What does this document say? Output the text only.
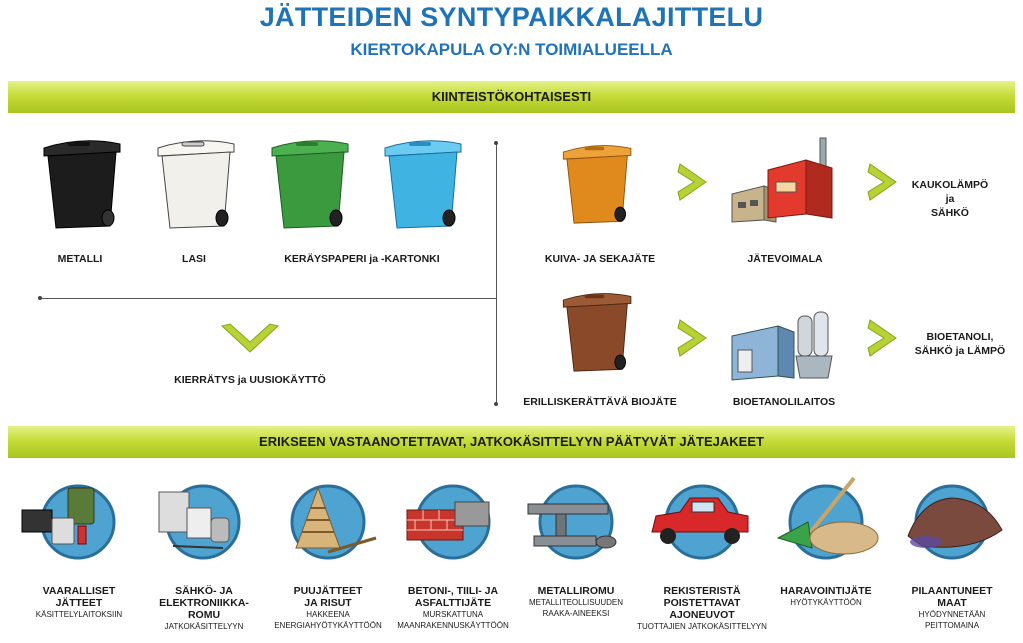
JÄTTEIDEN SYNTYPAIKKALAJITTELU
KIERTOKAPULA OY:N TOIMIALUEELLA
KIINTEISTÖKOHTAISESTI
METALLI	LASI	KERÄYSPAPERI ja -KARTONKI
KIERRÄTYS ja UUSIOKÄYTTÖ
KUIVA- JA SEKAJÄTE	JÄTEVOIMALA
KAUKOLÄMPÖ
ja
SÄHKÖ
ERILLISKERÄTTÄVÄ BIOJÄTE	BIOETANOLILAITOS
BIOETANOLI,
SÄHKÖ ja LÄMPÖ
ERIKSEEN VASTAANOTETTAVAT, JATKOKÄSITTELYYN PÄÄTYVÄT JÄTEJAKEET
VAARALLISET
JÄTTEET
KÄSITTELYLAITOKSIIN
SÄHKÖ- JA
ELEKTRONIIKKA-
ROMU
JATKOKÄSITTELYYN
PUUJÄTTEET
JA RISUT
HAKKEENA
ENERGIAHYÖTYKÄYTTÖÖN
BETONI-, TIILI- JA
ASFALTTIJÄTE
MURSKATTUNA
MAANRAKENNUSKÄYTTÖÖN
METALLIROMU
METALLITEOLLISUUDEN
RAAKA-AINEEKSI
REKISTERISTÄ
POISTETTAVAT
AJONEUVOT
TUOTTAJIEN JATKOKÄSITTELYYN
HARAVOINTIJÄTE
HYÖTYKÄYTTÖÖN
PILAANTUNEET
MAAT
HYÖDYNNETÄÄN
PEITTOMAINA
